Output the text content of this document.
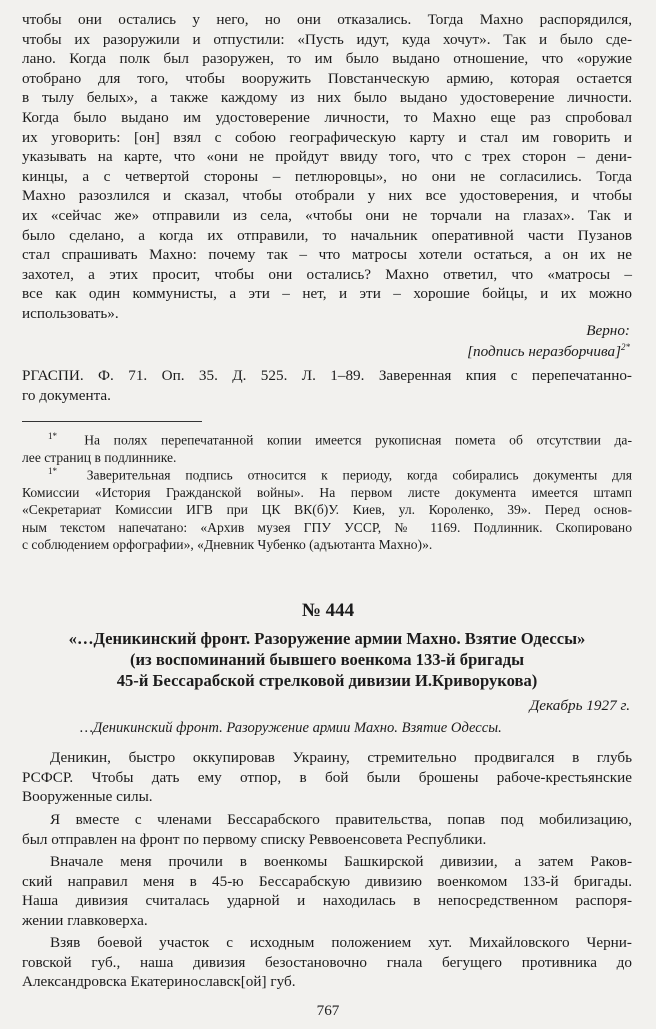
чтобы они остались у него, но они отказались. Тогда Махно распорядился,
чтобы их разоружили и отпустили: «Пусть идут, куда хочут». Так и было сде-
лано. Когда полк был разоружен, то им было выдано отношение, что «оружие
отобрано для того, чтобы вооружить Повстанческую армию, которая остается
в тылу белых», а также каждому из них было выдано удостоверение личности.
Когда было выдано им удостоверение личности, то Махно еще раз спробовал
их уговорить: [он] взял с собою географическую карту и стал им говорить и
указывать на карте, что «они не пройдут ввиду того, что с трех сторон – дени-
кинцы, а с четвертой стороны – петлюровцы», но они не согласились. Тогда
Махно разозлился и сказал, чтобы отобрали у них все удостоверения, и чтобы
их «сейчас же» отправили из села, «чтобы они не торчали на глазах». Так и
было сделано, а когда их отправили, то начальник оперативной части Пузанов
стал спрашивать Махно: почему так – что матросы хотели остаться, а он их не
захотел, а этих просит, чтобы они остались? Махно ответил, что «матросы –
все как один коммунисты, а эти – нет, и эти – хорошие бойцы, и их можно
использовать».
Верно:
[подпись неразборчива]$^{2*}$
РГАСПИ. Ф. 71. Оп. 35. Д. 525. Л. 1–89. Заверенная кпия с перепечатанно-
го документа.
$^{1*}$ На полях перепечатанной копии имеется рукописная помета об отсутствии да-
лее страниц в подлиннике.
$^{1*}$ Заверительная подпись относится к периоду, когда собирались документы для
Комиссии «История Гражданской войны». На первом листе документа имеется штамп
«Секретариат Комиссии ИГВ при ЦК ВК(б)У. Киев, ул. Короленко, 39». Перед основ-
ным текстом напечатано: «Архив музея ГПУ УССР, № 1169. Подлинник. Скопировано
с соблюдением орфографии», «Дневник Чубенко (адъютанта Махно)».
№ 444
«…Деникинский фронт. Разоружение армии Махно. Взятие Одессы»
(из воспоминаний бывшего военкома 133-й бригады
45-й Бессарабской стрелковой дивизии И.Криворукова)
Декабрь 1927 г.
…Деникинский фронт. Разоружение армии Махно. Взятие Одессы.
Деникин, быстро оккупировав Украину, стремительно продвигался в глубь
РСФСР. Чтобы дать ему отпор, в бой были брошены рабоче-крестьянские
Вооруженные силы.
Я вместе с членами Бессарабского правительства, попав под мобилизацию,
был отправлен на фронт по первому списку Реввоенсовета Республики.
Вначале меня прочили в военкомы Башкирской дивизии, а затем Раков-
ский направил меня в 45-ю Бессарабскую дивизию военкомом 133-й бригады.
Наша дивизия считалась ударной и находилась в непосредственном распоря-
жении главковерха.
Взяв боевой участок с исходным положением хут. Михайловского Черни-
говской губ., наша дивизия безостановочно гнала бегущего противника до
Александровска Екатеринославск[ой] губ.
767
